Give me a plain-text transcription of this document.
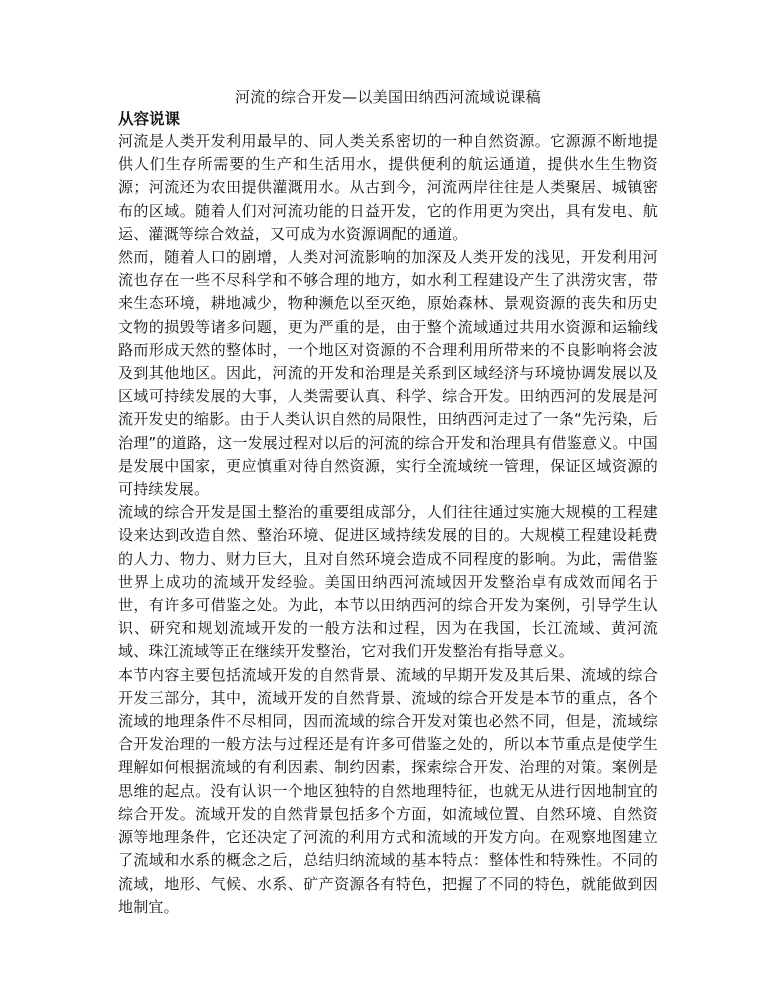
河流的综合开发—以美国田纳西河流域说课稿
从容说课

河流是人类开发利用最早的、同人类关系密切的一种自然资源。它源源不断地提供人们生存所需要的生产和生活用水，提供便利的航运通道，提供水生生物资源；河流还为农田提供灌溉用水。从古到今，河流两岸往往是人类聚居、城镇密布的区域。随着人们对河流功能的日益开发，它的作用更为突出，具有发电、航运、灌溉等综合效益，又可成为水资源调配的通道。

然而，随着人口的剧增，人类对河流影响的加深及人类开发的浅见，开发利用河流也存在一些不尽科学和不够合理的地方，如水利工程建设产生了洪涝灾害，带来生态环境，耕地减少，物种濒危以至灭绝，原始森林、景观资源的丧失和历史文物的损毁等诸多问题，更为严重的是，由于整个流域通过共用水资源和运输线路而形成天然的整体时，一个地区对资源的不合理利用所带来的不良影响将会波及到其他地区。因此，河流的开发和治理是关系到区域经济与环境协调发展以及区域可持续发展的大事，人类需要认真、科学、综合开发。田纳西河的发展是河流开发史的缩影。由于人类认识自然的局限性，田纳西河走过了一条“先污染，后治理”的道路，这一发展过程对以后的河流的综合开发和治理具有借鉴意义。中国是发展中国家，更应慎重对待自然资源，实行全流域统一管理，保证区域资源的可持续发展。

流域的综合开发是国土整治的重要组成部分，人们往往通过实施大规模的工程建设来达到改造自然、整治环境、促进区域持续发展的目的。大规模工程建设耗费的人力、物力、财力巨大，且对自然环境会造成不同程度的影响。为此，需借鉴世界上成功的流域开发经验。美国田纳西河流域因开发整治卓有成效而闻名于世，有许多可借鉴之处。为此，本节以田纳西河的综合开发为案例，引导学生认识、研究和规划流域开发的一般方法和过程，因为在我国，长江流域、黄河流域、珠江流域等正在继续开发整治，它对我们开发整治有指导意义。

本节内容主要包括流域开发的自然背景、流域的早期开发及其后果、流域的综合开发三部分，其中，流域开发的自然背景、流域的综合开发是本节的重点，各个流域的地理条件不尽相同，因而流域的综合开发对策也必然不同，但是，流域综合开发治理的一般方法与过程还是有许多可借鉴之处的，所以本节重点是使学生理解如何根据流域的有利因素、制约因素，探索综合开发、治理的对策。案例是思维的起点。没有认识一个地区独特的自然地理特征，也就无从进行因地制宜的综合开发。流域开发的自然背景包括多个方面，如流域位置、自然环境、自然资源等地理条件，它还决定了河流的利用方式和流域的开发方向。在观察地图建立了流域和水系的概念之后，总结归纳流域的基本特点：整体性和特殊性。不同的流域，地形、气候、水系、矿产资源各有特色，把握了不同的特色，就能做到因地制宜。
